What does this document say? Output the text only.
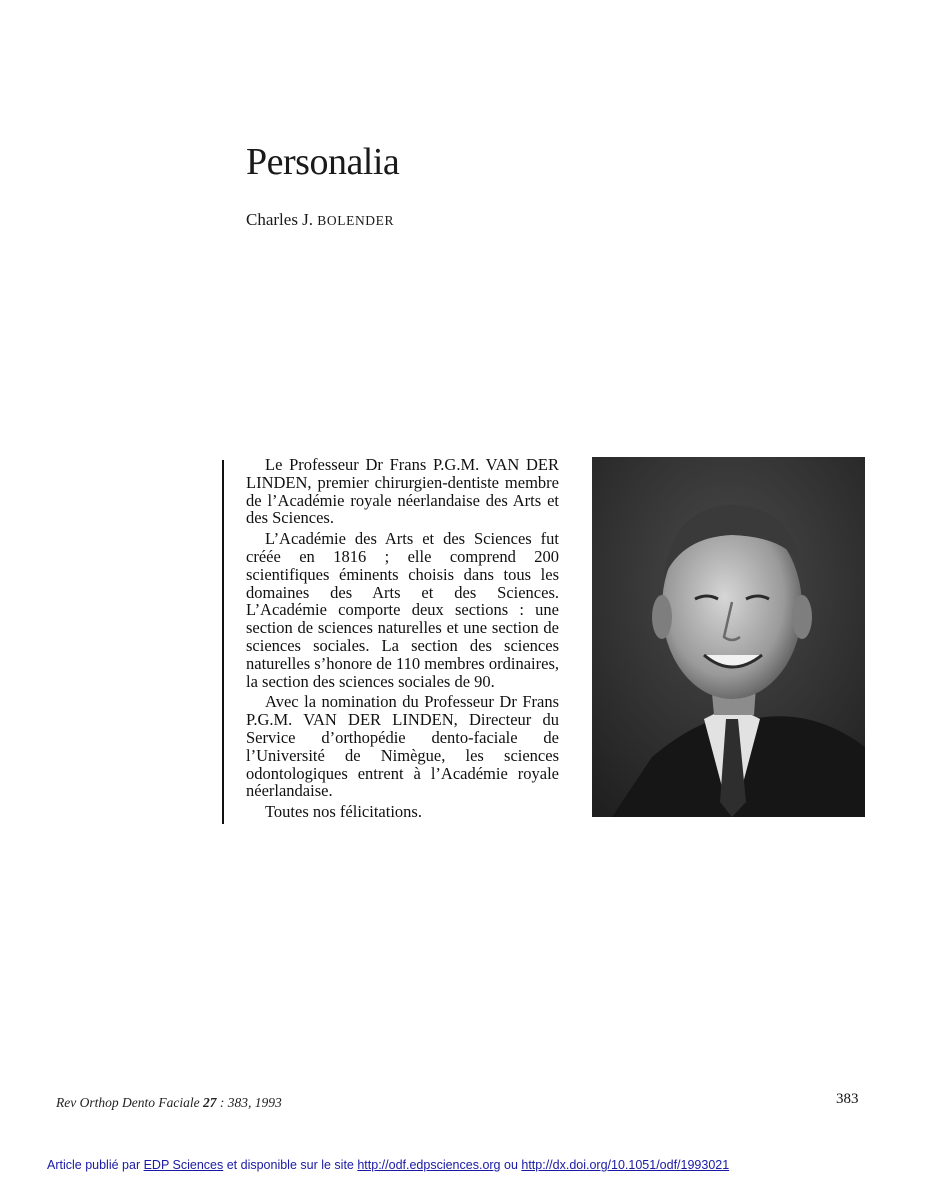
Personalia
Charles J. BOLENDER

Le Professeur Dr Frans P.G.M. VAN DER LINDEN, premier chirurgien-dentiste membre de l’Académie royale néerlandaise des Arts et des Sciences.

L’Académie des Arts et des Sciences fut créée en 1816 ; elle comprend 200 scientifiques éminents choisis dans tous les domaines des Arts et des Sciences. L’Académie comporte deux sections : une section de sciences naturelles et une section de sciences sociales. La section des sciences naturelles s’honore de 110 membres ordinaires, la section des sciences sociales de 90.

Avec la nomination du Professeur Dr Frans P.G.M. VAN DER LINDEN, Directeur du Service d’orthopédie dento-faciale de l’Université de Nimègue, les sciences odontologiques entrent à l’Académie royale néerlandaise.

Toutes nos félicitations.

Rev Orthop Dento Faciale 27 : 383, 1993	383
Article publié par EDP Sciences et disponible sur le site http://odf.edpsciences.org ou http://dx.doi.org/10.1051/odf/1993021
